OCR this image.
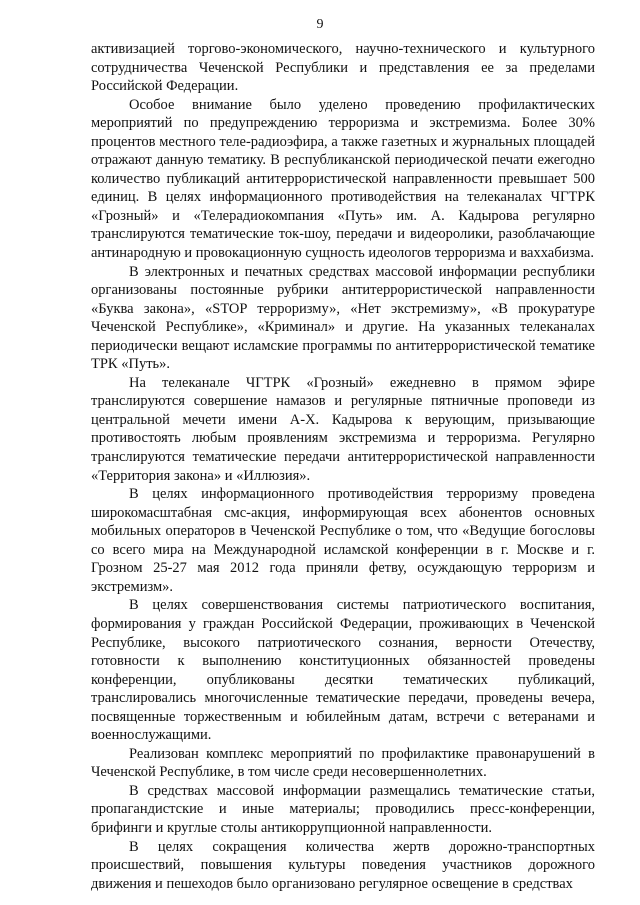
9

активизацией торгово-экономического, научно-технического и культурного сотрудничества Чеченской Республики и представления ее за пределами Российской Федерации.

Особое внимание было уделено проведению профилактических мероприятий по предупреждению терроризма и экстремизма. Более 30% процентов местного теле-радиоэфира, а также газетных и журнальных площадей отражают данную тематику. В республиканской периодической печати ежегодно количество публикаций антитеррористической направленности превышает 500 единиц. В целях информационного противодействия на телеканалах ЧГТРК «Грозный» и «Телерадиокомпания «Путь» им. А. Кадырова регулярно транслируются тематические ток-шоу, передачи и видеоролики, разоблачающие антинародную и провокационную сущность идеологов терроризма и ваххабизма.

В электронных и печатных средствах массовой информации республики организованы постоянные рубрики антитеррористической направленности «Буква закона», «STOP терроризму», «Нет экстремизму», «В прокуратуре Чеченской Республике», «Криминал» и другие. На указанных телеканалах периодически вещают исламские программы по антитеррористической тематике ТРК «Путь».

На телеканале ЧГТРК «Грозный» ежедневно в прямом эфире транслируются совершение намазов и регулярные пятничные проповеди из центральной мечети имени А-Х. Кадырова к верующим, призывающие противостоять любым проявлениям экстремизма и терроризма. Регулярно транслируются тематические передачи антитеррористической направленности «Территория закона» и «Иллюзия».

В целях информационного противодействия терроризму проведена широкомасштабная смс-акция, информирующая всех абонентов основных мобильных операторов в Чеченской Республике о том, что «Ведущие богословы со всего мира на Международной исламской конференции в г. Москве и г. Грозном 25-27 мая 2012 года приняли фетву, осуждающую терроризм и экстремизм».

В целях совершенствования системы патриотического воспитания, формирования у граждан Российской Федерации, проживающих в Чеченской Республике, высокого патриотического сознания, верности Отечеству, готовности к выполнению конституционных обязанностей проведены конференции, опубликованы десятки тематических публикаций, транслировались многочисленные тематические передачи, проведены вечера, посвященные торжественным и юбилейным датам, встречи с ветеранами и военнослужащими.

Реализован комплекс мероприятий по профилактике правонарушений в Чеченской Республике, в том числе среди несовершеннолетних.

В средствах массовой информации размещались тематические статьи, пропагандистские и иные материалы; проводились пресс-конференции, брифинги и круглые столы антикоррупционной направленности.

В целях сокращения количества жертв дорожно-транспортных происшествий, повышения культуры поведения участников дорожного движения и пешеходов было организовано регулярное освещение в средствах
